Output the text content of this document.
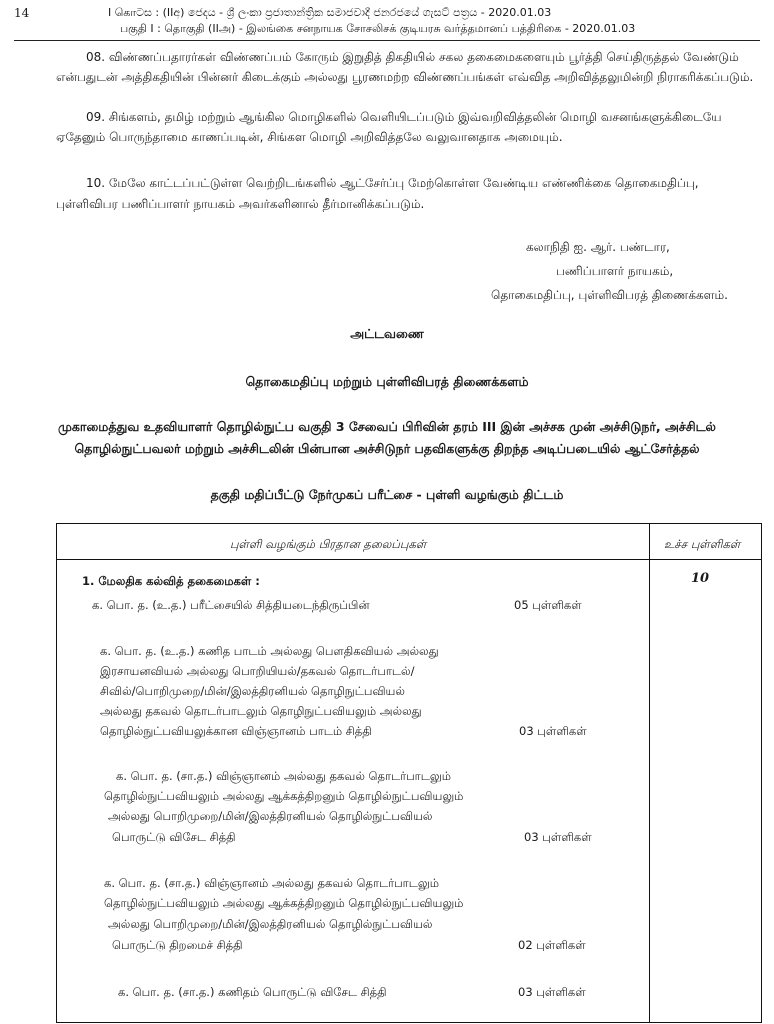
14	I கொටස : (IIඅ) ජෙදය - ශ්‍රී ලංකා ප්‍රජාතාන්ත්‍රික සමාජවාදී ජනරජයේ ගැසට් පත්‍රය - 2020.01.03
பகுதி I : தொகுதி (IIஅ) - இலங்கை சனநாயக சோசலிசக் குடியரசு வர்த்தமானப் பத்திரிகை - 2020.01.03
08. விண்ணப்பதாரர்கள் விண்ணப்பம் கோரும் இறுதித் திகதியில் சகல தகைமைகளையும் பூர்த்தி செய்திருத்தல் வேண்டும்
என்பதுடன் அத்திகதியின் பின்னர் கிடைக்கும் அல்லது பூரணமற்ற விண்ணப்பங்கள் எவ்வித அறிவித்தலுமின்றி நிராகரிக்கப்படும்.
09. சிங்களம், தமிழ் மற்றும் ஆங்கில மொழிகளில் வெளியிடப்படும் இவ்வறிவித்தலின் மொழி வசனங்களுக்கிடையே
ஏதேனும் பொருந்தாமை காணப்படின், சிங்கள மொழி அறிவித்தலே வலுவானதாக அமையும்.
10. மேலே காட்டப்பட்டுள்ள வெற்றிடங்களில் ஆட்சேர்ப்பு மேற்கொள்ள வேண்டிய எண்ணிக்கை தொகைமதிப்பு,
புள்ளிவிபர பணிப்பாளர் நாயகம் அவர்களினால் தீர்மானிக்கப்படும்.
கலாநிதி ஐ. ஆர். பண்டார,
பணிப்பாளர் நாயகம்,
தொகைமதிப்பு, புள்ளிவிபரத் திணைக்களம்.
அட்டவணை
தொகைமதிப்பு மற்றும் புள்ளிவிபரத் திணைக்களம்
முகாமைத்துவ உதவியாளர் தொழில்நுட்ப வகுதி 3 சேவைப் பிரிவின் தரம் III இன் அச்சக முன் அச்சிடுநர், அச்சிடல்
தொழில்நுட்பவலர் மற்றும் அச்சிடலின் பின்பான அச்சிடுநர் பதவிகளுக்கு திறந்த அடிப்படையில் ஆட்சேர்த்தல்
தகுதி மதிப்பீட்டு நேர்முகப் பரீட்சை - புள்ளி வழங்கும் திட்டம்
புள்ளி வழங்கும் பிரதான தலைப்புகள்	உச்ச புள்ளிகள்
1. மேலதிக கல்வித் தகைமைகள் :	10
க. பொ. த. (உ.த.) பரீட்சையில் சித்தியடைந்திருப்பின்	05 புள்ளிகள்
க. பொ. த. (உ.த.) கணித பாடம் அல்லது பௌதிகவியல் அல்லது
இரசாயனவியல் அல்லது பொறியியல்/தகவல் தொடர்பாடல்/
சிவில்/பொறிமுறை/மின்/இலத்திரனியல் தொழிநுட்பவியல்
அல்லது தகவல் தொடர்பாடலும் தொழிநுட்பவியலும் அல்லது
தொழில்நுட்பவியலுக்கான விஞ்ஞானம் பாடம் சித்தி	03 புள்ளிகள்
க. பொ. த. (சா.த.) விஞ்ஞானம் அல்லது தகவல் தொடர்பாடலும்
தொழில்நுட்பவியலும் அல்லது ஆக்கத்திறனும் தொழில்நுட்பவியலும்
அல்லது பொறிமுறை/மின்/இலத்திரனியல் தொழில்நுட்பவியல்
பொருட்டு விசேட சித்தி	03 புள்ளிகள்
க. பொ. த. (சா.த.) விஞ்ஞானம் அல்லது தகவல் தொடர்பாடலும்
தொழில்நுட்பவியலும் அல்லது ஆக்கத்திறனும் தொழில்நுட்பவியலும்
அல்லது பொறிமுறை/மின்/இலத்திரனியல் தொழில்நுட்பவியல்
பொருட்டு திறமைச் சித்தி	02 புள்ளிகள்
க. பொ. த. (சா.த.) கணிதம் பொருட்டு விசேட சித்தி	03 புள்ளிகள்
